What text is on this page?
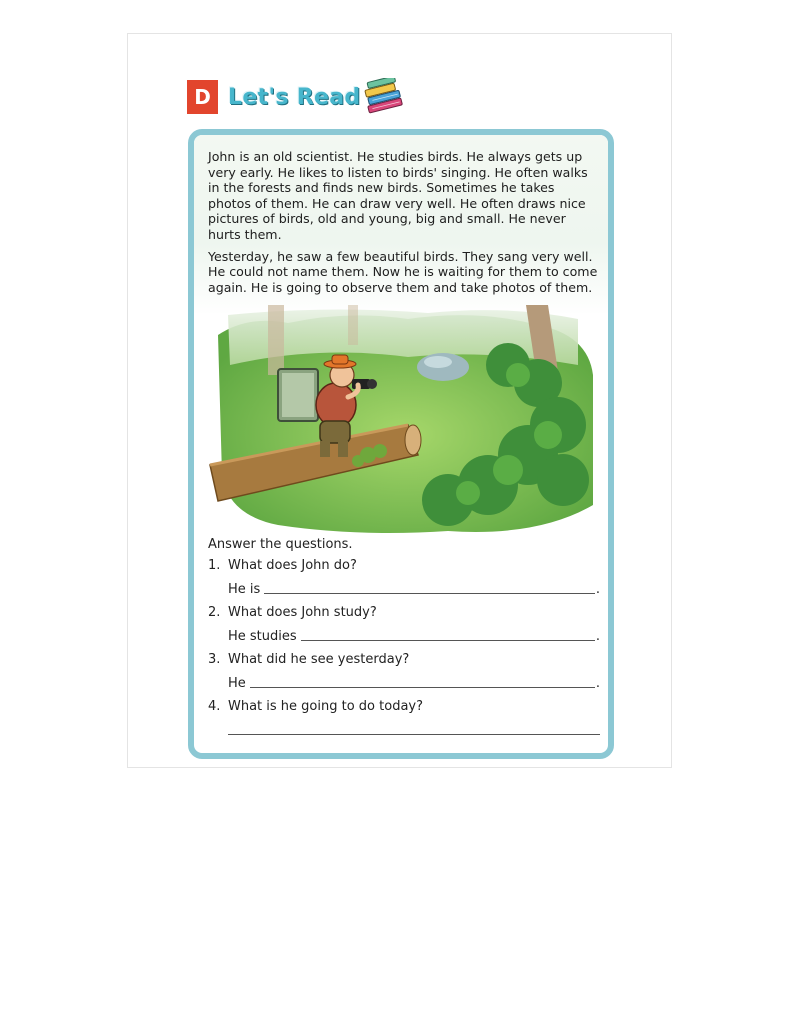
D Let's Read

John is an old scientist. He studies birds. He always gets up very early. He likes to listen to birds' singing. He often walks in the forests and finds new birds. Sometimes he takes photos of them. He can draw very well. He often draws nice pictures of birds, old and young, big and small. He never hurts them.

Yesterday, he saw a few beautiful birds. They sang very well. He could not name them. Now he is waiting for them to come again. He is going to observe them and take photos of them.

Answer the questions.
1. What does John do?
He is	.
2. What does John study?
He studies	.
3. What did he see yesterday?
He	.
4. What is he going to do today?
